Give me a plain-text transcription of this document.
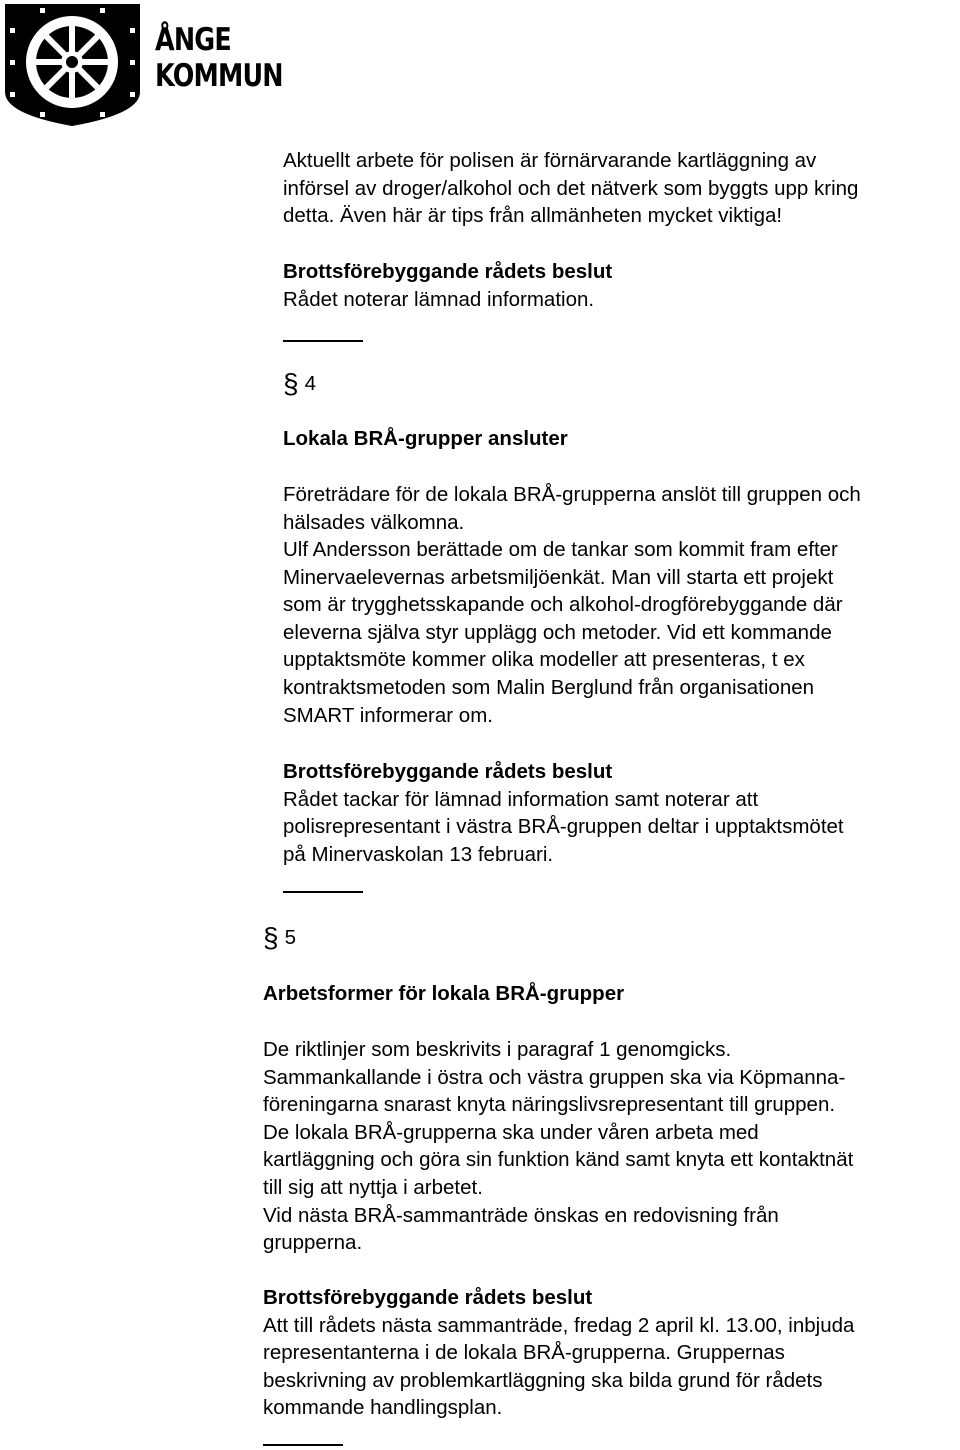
ÅNGE
KOMMUN
Aktuellt arbete för polisen är förnärvarande kartläggning av
införsel av droger/alkohol och det nätverk som byggts upp kring
detta. Även här är tips från allmänheten mycket viktiga!
Brottsförebyggande rådets beslut
Rådet noterar lämnad information.
§ 4
Lokala BRÅ-grupper ansluter
Företrädare för de lokala BRÅ-grupperna anslöt till gruppen och
hälsades välkomna.
Ulf Andersson berättade om de tankar som kommit fram efter
Minervaelevernas arbetsmiljöenkät. Man vill starta ett projekt
som är trygghetsskapande och alkohol-drogförebyggande där
eleverna själva styr upplägg och metoder. Vid ett kommande
upptaktsmöte kommer olika modeller att presenteras, t ex
kontraktsmetoden som Malin Berglund från organisationen
SMART informerar om.
Brottsförebyggande rådets beslut
Rådet tackar för lämnad information samt noterar att
polisrepresentant i västra BRÅ-gruppen deltar i upptaktsmötet
på Minervaskolan 13 februari.
§ 5
Arbetsformer för lokala BRÅ-grupper
De riktlinjer som beskrivits i paragraf 1 genomgicks.
Sammankallande i östra och västra gruppen ska via Köpmanna-
föreningarna snarast knyta näringslivsrepresentant till gruppen.
De lokala BRÅ-grupperna ska under våren arbeta med
kartläggning och göra sin funktion känd samt knyta ett kontaktnät
till sig att nyttja i arbetet.
Vid nästa BRÅ-sammanträde önskas en redovisning från
grupperna.
Brottsförebyggande rådets beslut
Att till rådets nästa sammanträde, fredag 2 april kl. 13.00, inbjuda
representanterna i de lokala BRÅ-grupperna. Gruppernas
beskrivning av problemkartläggning ska bilda grund för rådets
kommande handlingsplan.
